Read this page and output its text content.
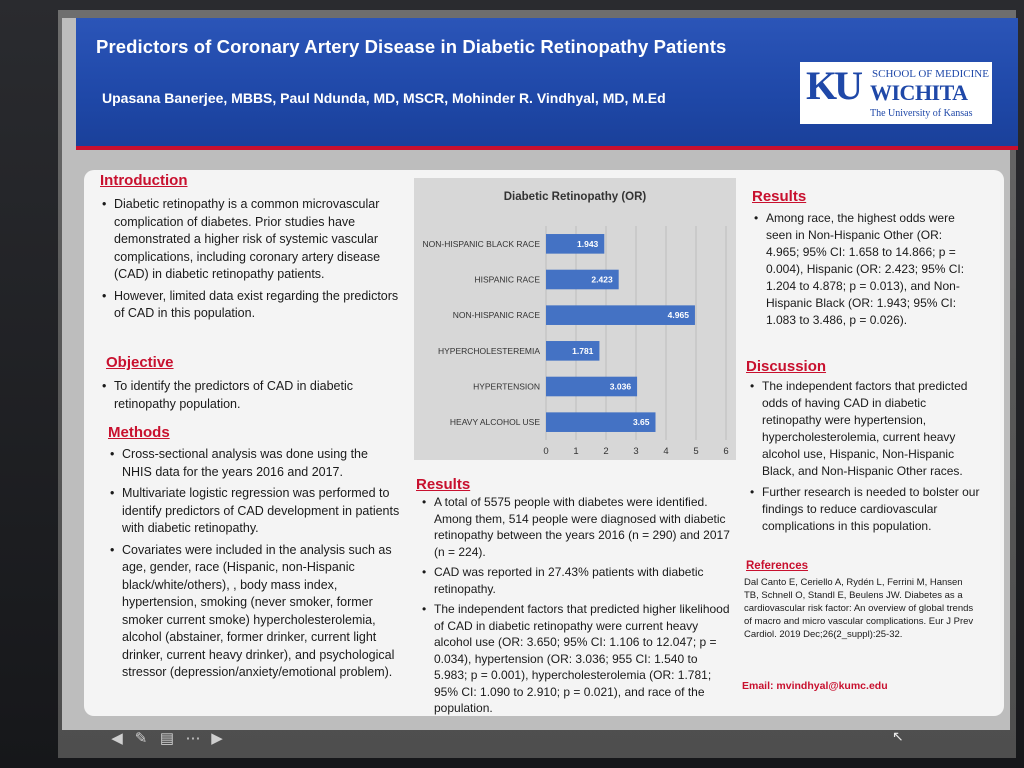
Predictors of Coronary Artery Disease in Diabetic Retinopathy Patients
Upasana Banerjee, MBBS, Paul Ndunda, MD, MSCR, Mohinder R. Vindhyal, MD, M.Ed	KU SCHOOL OF MEDICINE
WICHITA
The University of Kansas
Introduction
• Diabetic retinopathy is a common microvascular complication of diabetes. Prior studies have demonstrated a higher risk of systemic vascular complications, including coronary artery disease (CAD) in diabetic retinopathy patients.
• However, limited data exist regarding the predictors of CAD in this population.
Objective
• To identify the predictors of CAD in diabetic retinopathy population.
Methods
• Cross-sectional analysis was done using the NHIS data for the years 2016 and 2017.
• Multivariate logistic regression was performed to identify predictors of CAD development in patients with diabetic retinopathy.
• Covariates were included in the analysis such as age, gender, race (Hispanic, non-Hispanic black/white/others), , body mass index, hypertension, smoking (never smoker, former smoker current smoke) hypercholesterolemia, alcohol (abstainer, former drinker, current light drinker, current heavy drinker), and psychological stressor (depression/anxiety/emotional problem).
Diabetic Retinopathy (OR)
0	1	2	3	4	5	6
NON-HISPANIC BLACK RACE	1.943
HISPANIC RACE	2.423
NON-HISPANIC RACE	4.965
HYPERCHOLESTEREMIA	1.781
HYPERTENSION	3.036
HEAVY ALCOHOL USE	3.65
Results
• A total of 5575 people with diabetes were identified. Among them, 514 people were diagnosed with diabetic retinopathy between the years 2016 (n = 290) and 2017 (n = 224).
• CAD was reported in 27.43% patients with diabetic retinopathy.
• The independent factors that predicted higher likelihood of CAD in diabetic retinopathy were current heavy alcohol use (OR: 3.650; 95% CI: 1.106 to 12.047; p = 0.034), hypertension (OR: 3.036; 955 CI: 1.540 to 5.983; p = 0.001), hypercholesterolemia (OR: 1.781; 95% CI: 1.090 to 2.910; p = 0.021), and race of the population.
Results
• Among race, the highest odds were seen in Non-Hispanic Other (OR: 4.965; 95% CI: 1.658 to 14.866; p = 0.004), Hispanic (OR: 2.423; 95% CI: 1.204 to 4.878; p = 0.013), and Non-Hispanic Black (OR: 1.943; 95% CI: 1.083 to 3.486, p = 0.026).
Discussion
• The independent factors that predicted odds of having CAD in diabetic retinopathy were hypertension, hypercholesterolemia, current heavy alcohol use, Hispanic, Non-Hispanic Black, and Non-Hispanic Other races.
• Further research is needed to bolster our findings to reduce cardiovascular complications in this population.
References
Dal Canto E, Ceriello A, Rydén L, Ferrini M, Hansen TB, Schnell O, Standl E, Beulens JW. Diabetes as a cardiovascular risk factor: An overview of global trends of macro and micro vascular complications. Eur J Prev Cardiol. 2019 Dec;26(2_suppl):25-32.
Email: mvindhyal@kumc.edu
◀ ✎ ▤ ⋯ ▶	↖
